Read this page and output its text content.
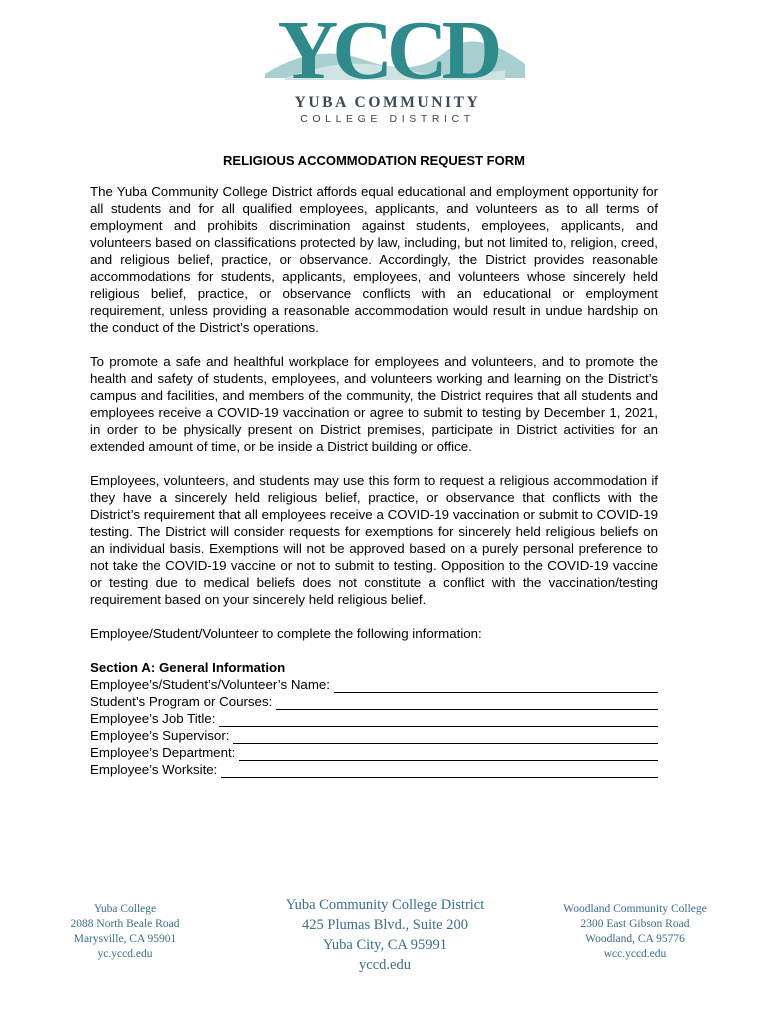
YCCD
YUBA COMMUNITY
COLLEGE DISTRICT
RELIGIOUS ACCOMMODATION REQUEST FORM

The Yuba Community College District affords equal educational and employment opportunity for all students and for all qualified employees, applicants, and volunteers as to all terms of employment and prohibits discrimination against students, employees, applicants, and volunteers based on classifications protected by law, including, but not limited to, religion, creed, and religious belief, practice, or observance. Accordingly, the District provides reasonable accommodations for students, applicants, employees, and volunteers whose sincerely held religious belief, practice, or observance conflicts with an educational or employment requirement, unless providing a reasonable accommodation would result in undue hardship on the conduct of the District’s operations.

To promote a safe and healthful workplace for employees and volunteers, and to promote the health and safety of students, employees, and volunteers working and learning on the District’s campus and facilities, and members of the community, the District requires that all students and employees receive a COVID-19 vaccination or agree to submit to testing by December 1, 2021, in order to be physically present on District premises, participate in District activities for an extended amount of time, or be inside a District building or office.

Employees, volunteers, and students may use this form to request a religious accommodation if they have a sincerely held religious belief, practice, or observance that conflicts with the District’s requirement that all employees receive a COVID-19 vaccination or submit to COVID-19 testing. The District will consider requests for exemptions for sincerely held religious beliefs on an individual basis. Exemptions will not be approved based on a purely personal preference to not take the COVID-19 vaccine or not to submit to testing. Opposition to the COVID-19 vaccine or testing due to medical beliefs does not constitute a conflict with the vaccination/testing requirement based on your sincerely held religious belief.

Employee/Student/Volunteer to complete the following information:

Section A: General Information
Employee’s/Student’s/Volunteer’s Name:
Student’s Program or Courses:
Employee’s Job Title:
Employee’s Supervisor:
Employee’s Department:
Employee’s Worksite:
Yuba College
2088 North Beale Road
Marysville, CA 95901
yc.yccd.edu
Yuba Community College District
425 Plumas Blvd., Suite 200
Yuba City, CA 95991
yccd.edu
Woodland Community College
2300 East Gibson Road
Woodland, CA 95776
wcc.yccd.edu
